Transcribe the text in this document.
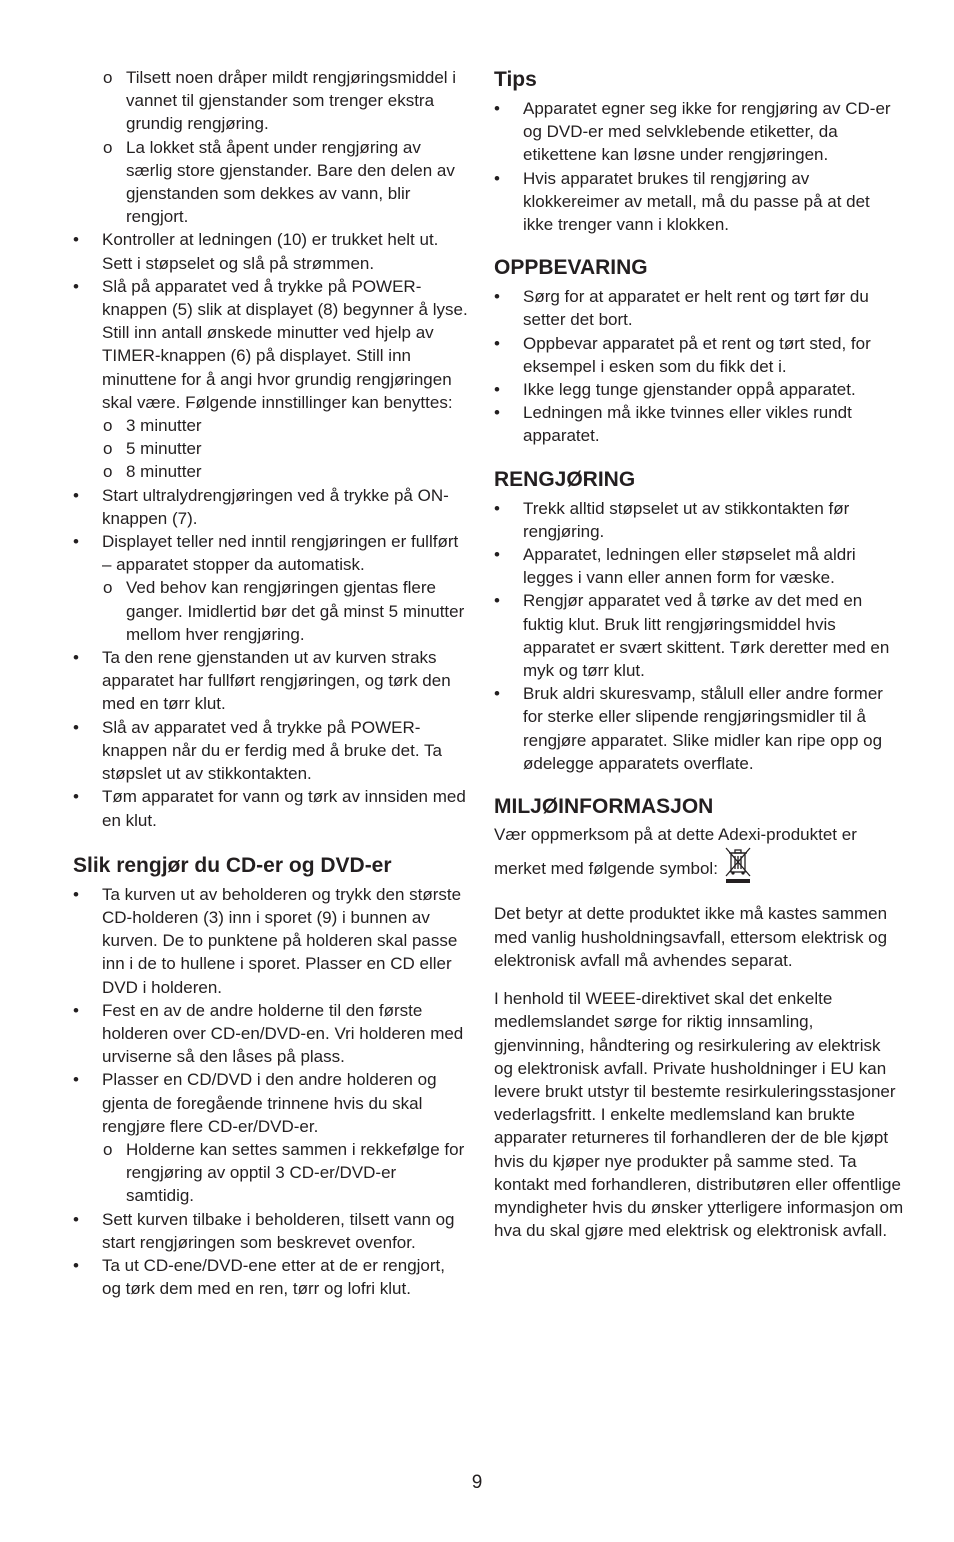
o Tilsett noen dråper mildt rengjøringsmiddel i vannet til gjenstander som trenger ekstra grundig rengjøring.
o La lokket stå åpent under rengjøring av særlig store gjenstander. Bare den delen av gjenstanden som dekkes av vann, blir rengjort.
• Kontroller at ledningen (10) er trukket helt ut. Sett i støpselet og slå på strømmen.
• Slå på apparatet ved å trykke på POWER-knappen (5) slik at displayet (8) begynner å lyse. Still inn antall ønskede minutter ved hjelp av TIMER-knappen (6) på displayet. Still inn minuttene for å angi hvor grundig rengjøringen skal være. Følgende innstillinger kan benyttes:
o 3 minutter
o 5 minutter
o 8 minutter
• Start ultralydrengjøringen ved å trykke på ON-knappen (7).
• Displayet teller ned inntil rengjøringen er fullført – apparatet stopper da automatisk.
o Ved behov kan rengjøringen gjentas flere ganger. Imidlertid bør det gå minst 5 minutter mellom hver rengjøring.
• Ta den rene gjenstanden ut av kurven straks apparatet har fullført rengjøringen, og tørk den med en tørr klut.
• Slå av apparatet ved å trykke på POWER-knappen når du er ferdig med å bruke det. Ta støpslet ut av stikkontakten.
• Tøm apparatet for vann og tørk av innsiden med en klut.
Slik rengjør du CD-er og DVD-er
• Ta kurven ut av beholderen og trykk den største CD-holderen (3) inn i sporet (9) i bunnen av kurven. De to punktene på holderen skal passe inn i de to hullene i sporet. Plasser en CD eller DVD i holderen.
• Fest en av de andre holderne til den første holderen over CD-en/DVD-en. Vri holderen med urviserne så den låses på plass.
• Plasser en CD/DVD i den andre holderen og gjenta de foregående trinnene hvis du skal rengjøre flere CD-er/DVD-er.
o Holderne kan settes sammen i rekkefølge for rengjøring av opptil 3 CD-er/DVD-er samtidig.
• Sett kurven tilbake i beholderen, tilsett vann og start rengjøringen som beskrevet ovenfor.
• Ta ut CD-ene/DVD-ene etter at de er rengjort, og tørk dem med en ren, tørr og lofri klut.
Tips
• Apparatet egner seg ikke for rengjøring av CD-er og DVD-er med selvklebende etiketter, da etikettene kan løsne under rengjøringen.
• Hvis apparatet brukes til rengjøring av klokkereimer av metall, må du passe på at det ikke trenger vann i klokken.
OPPBEVARING
• Sørg for at apparatet er helt rent og tørt før du setter det bort.
• Oppbevar apparatet på et rent og tørt sted, for eksempel i esken som du fikk det i.
• Ikke legg tunge gjenstander oppå apparatet.
• Ledningen må ikke tvinnes eller vikles rundt apparatet.
RENGJØRING
• Trekk alltid støpselet ut av stikkontakten før rengjøring.
• Apparatet, ledningen eller støpselet må aldri legges i vann eller annen form for væske.
• Rengjør apparatet ved å tørke av det med en fuktig klut. Bruk litt rengjøringsmiddel hvis apparatet er svært skittent. Tørk deretter med en myk og tørr klut.
• Bruk aldri skuresvamp, stålull eller andre former for sterke eller slipende rengjøringsmidler til å rengjøre apparatet. Slike midler kan ripe opp og ødelegge apparatets overflate.
MILJØINFORMASJON

Vær oppmerksom på at dette Adexi-produktet er merket med følgende symbol:

Det betyr at dette produktet ikke må kastes sammen med vanlig husholdningsavfall, ettersom elektrisk og elektronisk avfall må avhendes separat.

I henhold til WEEE-direktivet skal det enkelte medlemslandet sørge for riktig innsamling, gjenvinning, håndtering og resirkulering av elektrisk og elektronisk avfall. Private husholdninger i EU kan levere brukt utstyr til bestemte resirkuleringsstasjoner vederlagsfritt. I enkelte medlemsland kan brukte apparater returneres til forhandleren der de ble kjøpt hvis du kjøper nye produkter på samme sted. Ta kontakt med forhandleren, distributøren eller offentlige myndigheter hvis du ønsker ytterligere informasjon om hva du skal gjøre med elektrisk og elektronisk avfall.

9
